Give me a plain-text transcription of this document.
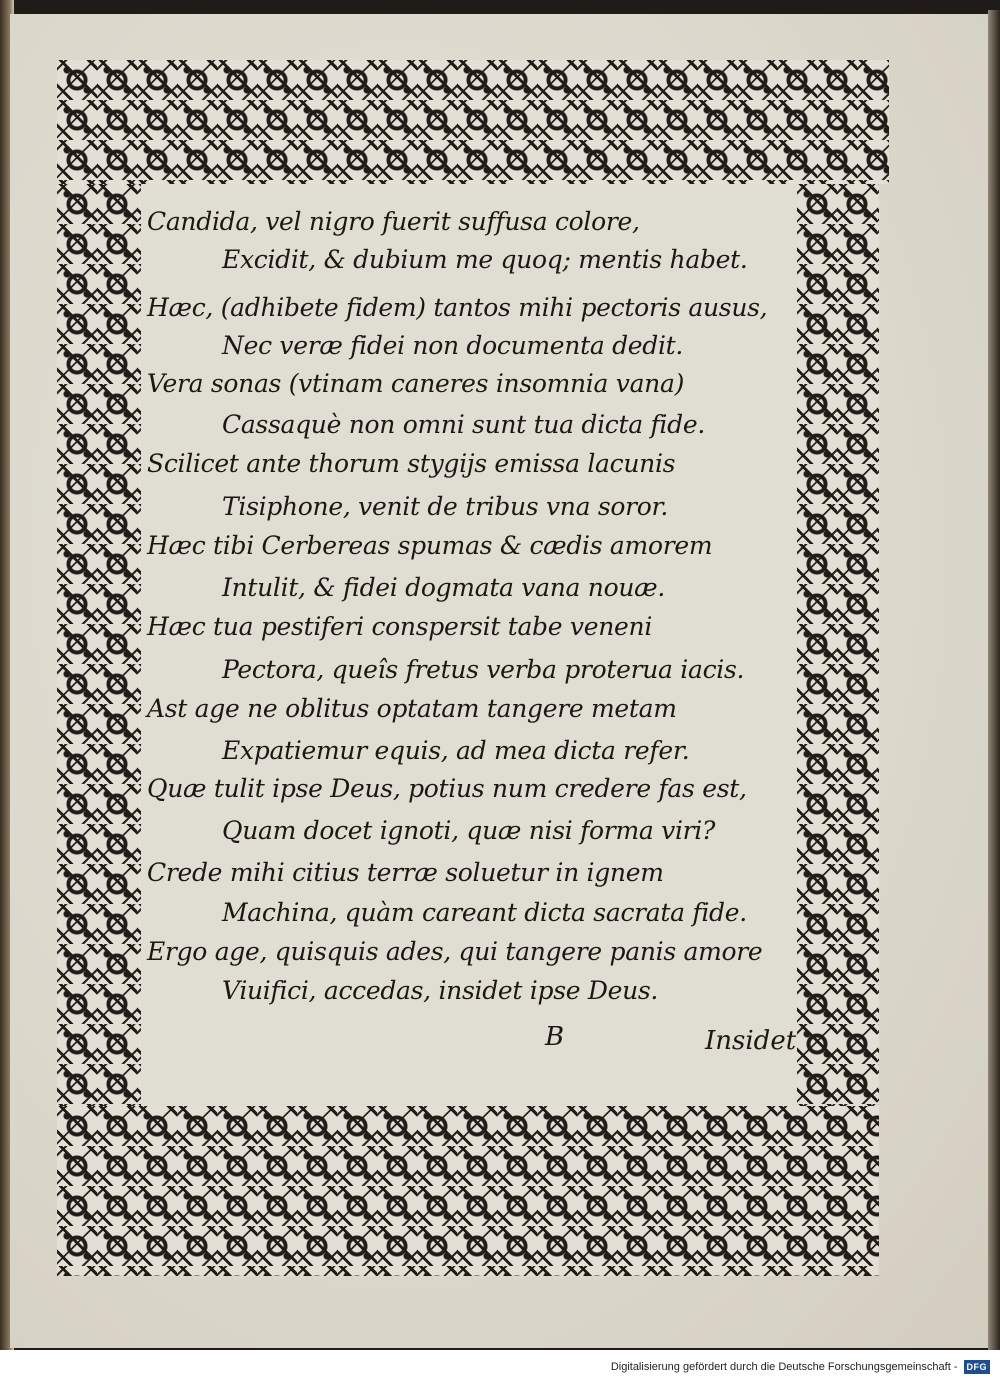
Candida, vel nigro fuerit suffusa colore,
Excidit, & dubium me quoq; mentis habet.
Hæc, (adhibete fidem) tantos mihi pectoris ausus,
Nec veræ fidei non documenta dedit.
Vera sonas (vtinam caneres insomnia vana)
Cassaquè non omni sunt tua dicta fide.
Scilicet ante thorum stygijs emissa lacunis
Tisiphone, venit de tribus vna soror.
Hæc tibi Cerbereas spumas & cædis amorem
Intulit, & fidei dogmata vana nouæ.
Hæc tua pestiferi conspersit tabe veneni
Pectora, queîs fretus verba proterua iacis.
Ast age ne oblitus optatam tangere metam
Expatiemur equis, ad mea dicta refer.
Quæ tulit ipse Deus, potius num credere fas est,
Quam docet ignoti, quæ nisi forma viri?
Crede mihi citius terræ soluetur in ignem
Machina, quàm careant dicta sacrata fide.
Ergo age, quisquis ades, qui tangere panis amore
Viuifici, accedas, insidet ipse Deus.
B	Insidet
Digitalisierung gefördert durch die Deutsche Forschungsgemeinschaft -	DFG
